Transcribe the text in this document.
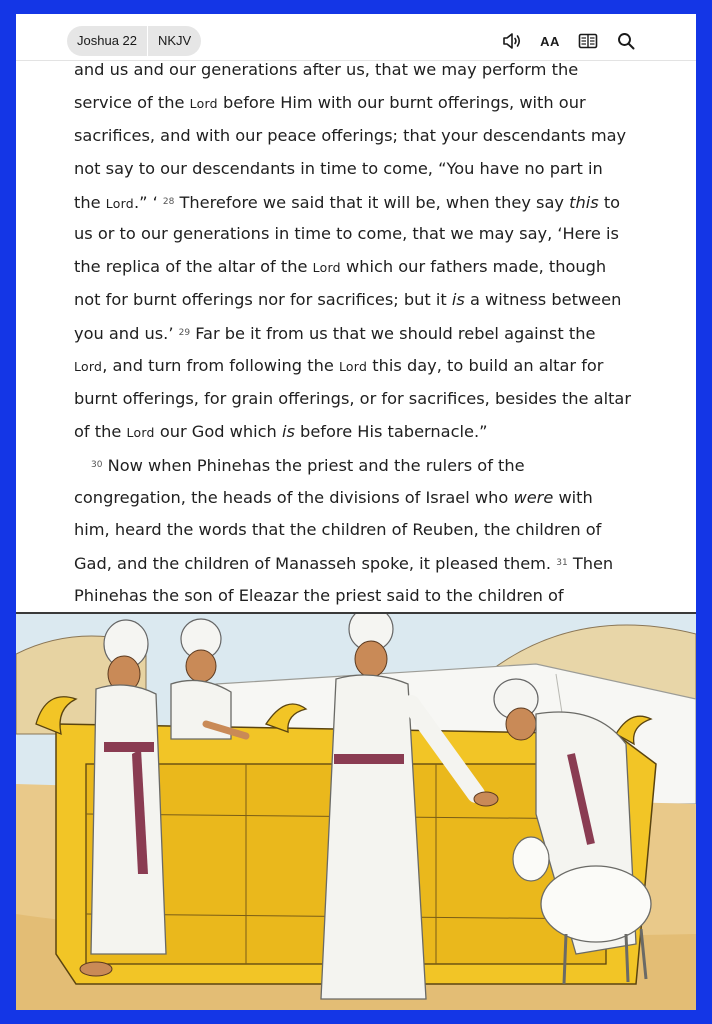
Joshua 22	NKJV	AA
and us and our generations after us, that we may perform the
service of the Lord before Him with our burnt offerings, with our
sacrifices, and with our peace offerings; that your descendants may
not say to our descendants in time to come, “You have no part in
the Lord.” ‘ $^{28}$ Therefore we said that it will be, when they say this to
us or to our generations in time to come, that we may say, ‘Here is
the replica of the altar of the Lord which our fathers made, though
not for burnt offerings nor for sacrifices; but it is a witness between
you and us.’ $^{29}$ Far be it from us that we should rebel against the
Lord, and turn from following the Lord this day, to build an altar for
burnt offerings, for grain offerings, or for sacrifices, besides the altar
of the Lord our God which is before His tabernacle.”
$^{30}$ Now when Phinehas the priest and the rulers of the
congregation, the heads of the divisions of Israel who were with
him, heard the words that the children of Reuben, the children of
Gad, and the children of Manasseh spoke, it pleased them. $^{31}$ Then
Phinehas the son of Eleazar the priest said to the children of
